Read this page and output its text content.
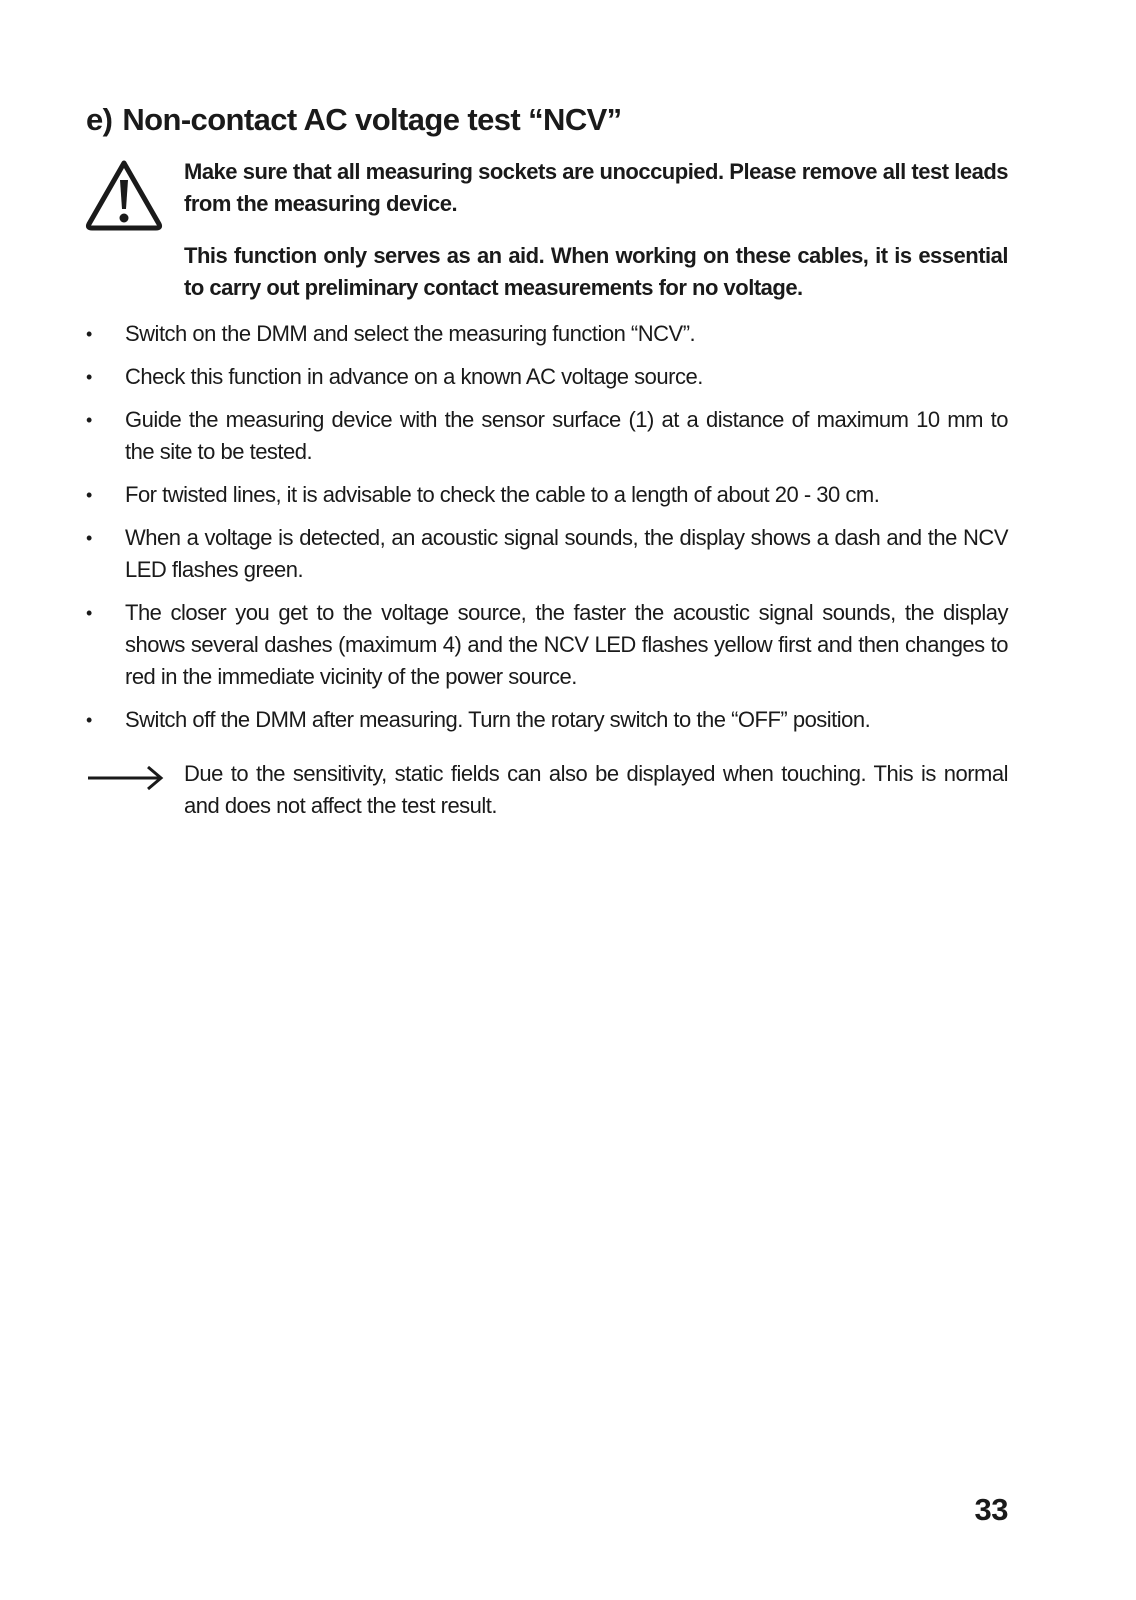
e) Non-contact AC voltage test “NCV”

Make sure that all measuring sockets are unoccupied. Please remove all test leads from the measuring device.

This function only serves as an aid. When working on these cables, it is essential to carry out preliminary contact measurements for no voltage.

• Switch on the DMM and select the measuring function “NCV”.
• Check this function in advance on a known AC voltage source.
• Guide the measuring device with the sensor surface (1) at a distance of maximum 10 mm to the site to be tested.
• For twisted lines, it is advisable to check the cable to a length of about 20 - 30 cm.
• When a voltage is detected, an acoustic signal sounds, the display shows a dash and the NCV LED flashes green.
• The closer you get to the voltage source, the faster the acoustic signal sounds, the display shows several dashes (maximum 4) and the NCV LED flashes yellow first and then changes to red in the immediate vicinity of the power source.
• Switch off the DMM after measuring. Turn the rotary switch to the “OFF” position.

Due to the sensitivity, static fields can also be displayed when touching. This is normal and does not affect the test result.

33
